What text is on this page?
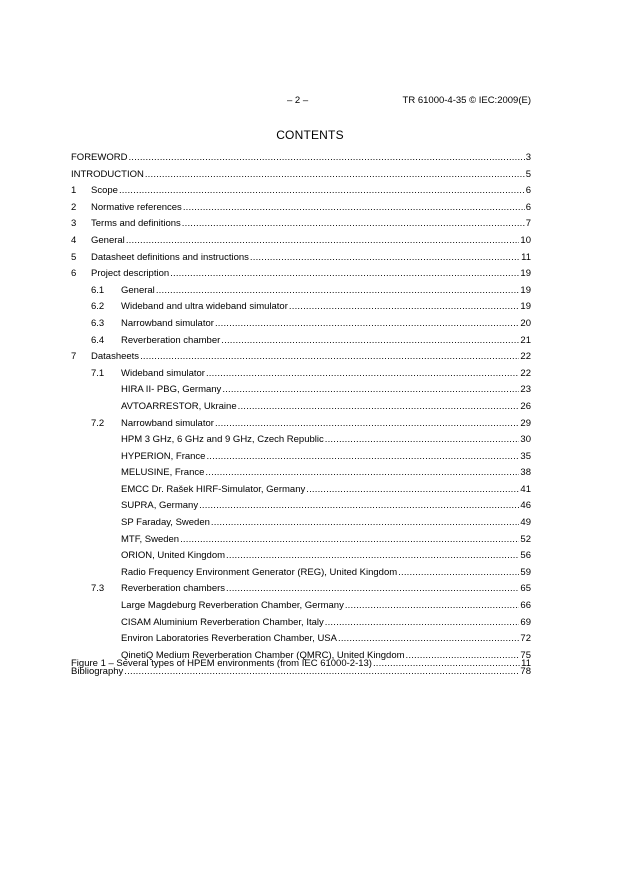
– 2 –	TR 61000-4-35 © IEC:2009(E)
CONTENTS
FOREWORD .....	3
INTRODUCTION .....	5
1	Scope .....	6
2	Normative references .....	6
3	Terms and definitions .....	7
4	General .....	10
5	Datasheet definitions and instructions .....	11
6	Project description .....	19
6.1	General .....	19
6.2	Wideband and ultra wideband simulator .....	19
6.3	Narrowband simulator .....	20
6.4	Reverberation chamber .....	21
7	Datasheets .....	22
7.1	Wideband simulator .....	22
HIRA II- PBG, Germany .....	23
AVTOARRESTOR, Ukraine .....	26
7.2	Narrowband simulator .....	29
HPM 3 GHz, 6 GHz and 9 GHz, Czech Republic .....	30
HYPERION, France .....	35
MELUSINE, France .....	38
EMCC Dr. Rašek HIRF-Simulator, Germany .....	41
SUPRA, Germany .....	46
SP Faraday, Sweden .....	49
MTF, Sweden .....	52
ORION, United Kingdom .....	56
Radio Frequency Environment Generator (REG), United Kingdom .....	59
7.3	Reverberation chambers .....	65
Large Magdeburg Reverberation Chamber, Germany .....	66
CISAM Aluminium Reverberation Chamber, Italy .....	69
Environ Laboratories Reverberation Chamber, USA .....	72
QinetiQ Medium Reverberation Chamber (QMRC), United Kingdom .....	75
Bibliography .....	78
Figure 1 – Several types of HPEM environments (from IEC 61000-2-13) .....	11
